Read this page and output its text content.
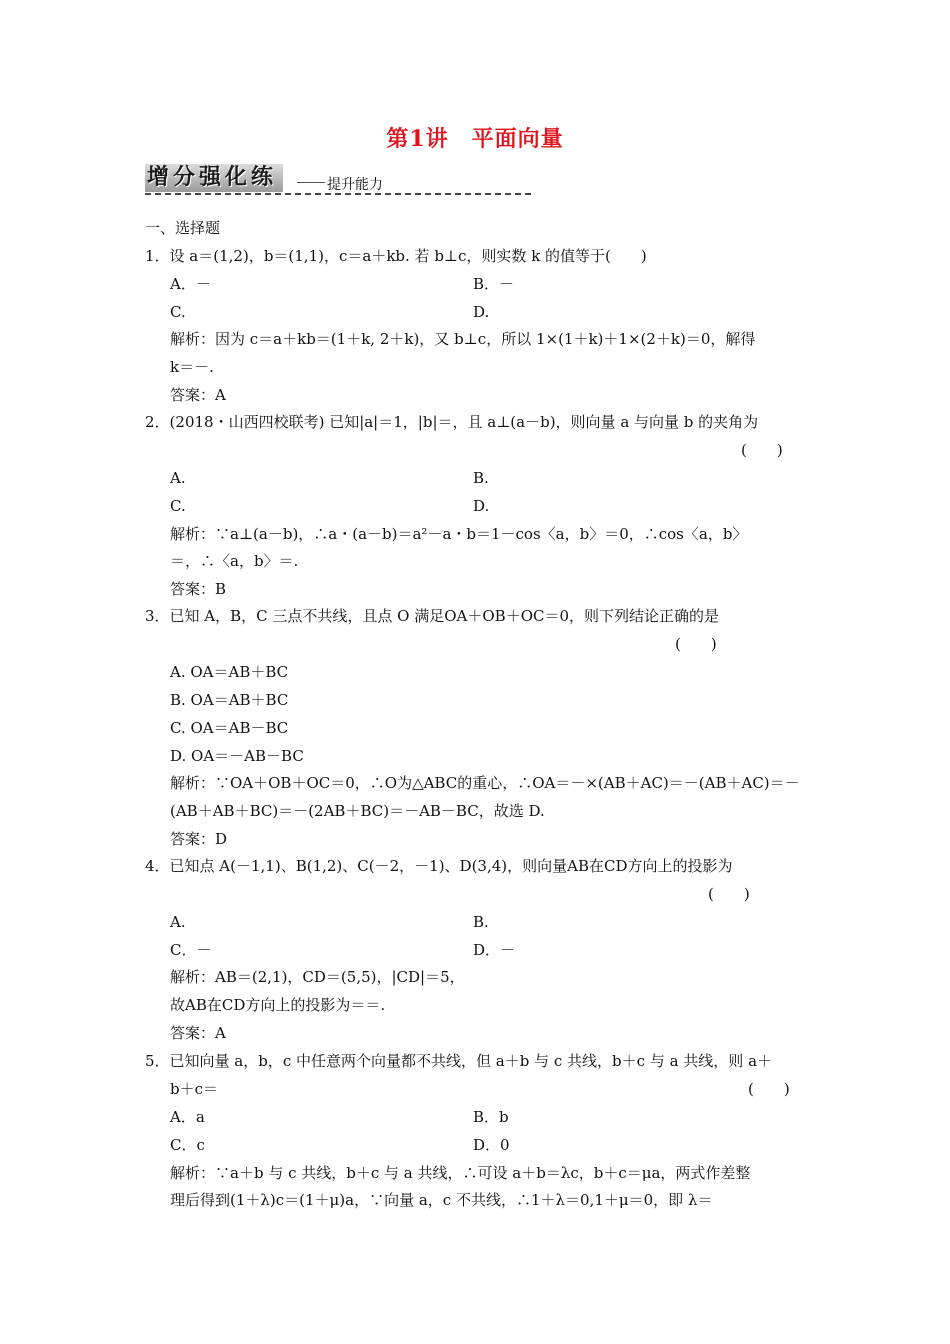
第1讲　平面向量
增分强化练	提升能力
一、选择题
1．设 a＝(1,2)，b＝(1,1)，c＝a＋kb. 若 b⊥c，则实数 k 的值等于(　　)
A．－	B．－
C.	D.
解析：因为 c＝a＋kb＝(1＋k, 2＋k)，又 b⊥c，所以 1×(1＋k)＋1×(2＋k)＝0，解得
k＝－.
答案：A
2．(2018・山西四校联考) 已知|a|＝1，|b|＝，且 a⊥(a－b)，则向量 a 与向量 b 的夹角为
(　　)
A.	B.
C.	D.
解析：∵a⊥(a－b)，∴a・(a－b)＝a²－a・b＝1－cos〈a，b〉＝0，∴cos〈a，b〉
＝，∴〈a，b〉＝.
答案：B
3．已知 A，B，C 三点不共线，且点 O 满足OA＋OB＋OC＝0，则下列结论正确的是
(　　)
A. OA＝AB＋BC
B. OA＝AB＋BC
C. OA＝AB－BC
D. OA＝－AB－BC
解析：∵OA＋OB＋OC＝0，∴O为△ABC的重心，∴OA＝－×(AB＋AC)＝－(AB＋AC)＝－
(AB＋AB＋BC)＝－(2AB＋BC)＝－AB－BC，故选 D.
答案：D
4．已知点 A(－1,1)、B(1,2)、C(－2，－1)、D(3,4)，则向量AB在CD方向上的投影为
(　　)
A.	B.
C．－	D．－
解析：AB＝(2,1)，CD＝(5,5)，|CD|＝5，
故AB在CD方向上的投影为＝＝.
答案：A
5．已知向量 a，b，c 中任意两个向量都不共线，但 a＋b 与 c 共线，b＋c 与 a 共线，则 a＋
b＋c＝	(　　)
A．a	B．b
C．c	D．0
解析：∵a＋b 与 c 共线，b＋c 与 a 共线，∴可设 a＋b＝λc，b＋c＝μa，两式作差整
理后得到(1＋λ)c＝(1＋μ)a，∵向量 a，c 不共线，∴1＋λ＝0,1＋μ＝0，即 λ＝
